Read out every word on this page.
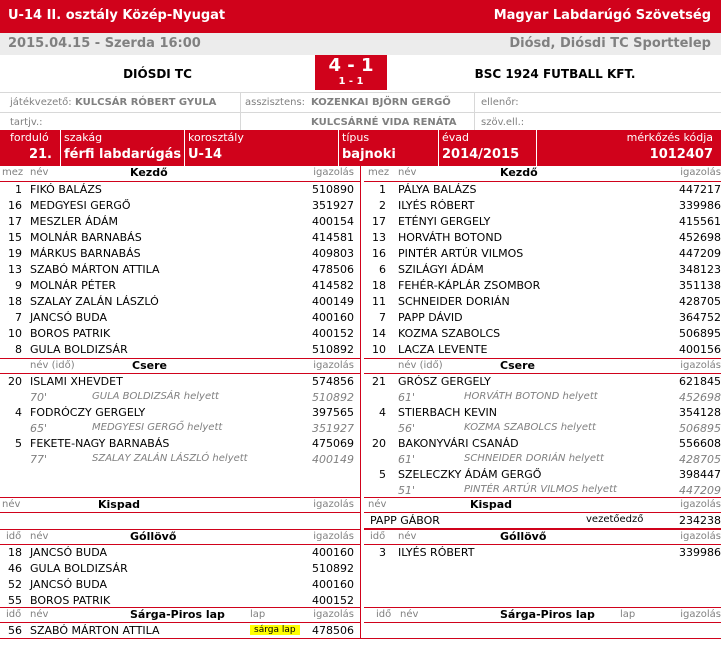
U-14 II. osztály Közép-Nyugat	Magyar Labdarúgó Szövetség
2015.04.15 - Szerda 16:00	Diósd, Diósdi TC Sporttelep
DIÓSDI TC	4 - 1
1 - 1
BSC 1924 FUTBALL KFT.
játékvezető: KULCSÁR RÓBERT GYULA	asszisztens: KOZENKAI BJÖRN GERGŐ	ellenőr:
tartjv.:	KULCSÁRNÉ VIDA RENÁTA szöv.ell.:
forduló
21.
szakág
férfi labdarúgás
korosztály
U-14
típus
bajnoki
évad
2014/2015
mérkőzés kódja
1012407
mez név	Kezdő	igazolás
1 FIKÓ BALÁZS	510890
16 MEDGYESI GERGŐ	351927
17 MESZLER ÁDÁM	400154
15 MOLNÁR BARNABÁS	414581
19 MÁRKUS BARNABÁS	409803
13 SZABÓ MÁRTON ATTILA	478506
9 MOLNÁR PÉTER	414582
18 SZALAY ZALÁN LÁSZLÓ	400149
7 JANCSÓ BUDA	400160
10 BOROS PATRIK	400152
8 GULA BOLDIZSÁR	510892
név (idő)	Csere	igazolás
20 ISLAMI XHEVDET	574856
70'	GULA BOLDIZSÁR helyett	510892
4 FODRÓCZY GERGELY	397565
65'	MEDGYESI GERGŐ helyett	351927
5 FEKETE-NAGY BARNABÁS	475069
77'	SZALAY ZALÁN LÁSZLÓ helyett	400149
mez név	Kezdő	igazolás
1 PÁLYA BALÁZS	447217
2 ILYÉS RÓBERT	339986
17 ETÉNYI GERGELY	415561
13 HORVÁTH BOTOND	452698
16 PINTÉR ARTÚR VILMOS	447209
6 SZILÁGYI ÁDÁM	348123
18 FEHÉR-KÁPLÁR ZSOMBOR	351138
11 SCHNEIDER DORIÁN	428705
7 PAPP DÁVID	364752
14 KOZMA SZABOLCS	506895
10 LACZA LEVENTE	400156
név (idő)	Csere	igazolás
21 GRÓSZ GERGELY	621845
61'	HORVÁTH BOTOND helyett	452698
4 STIERBACH KEVIN	354128
56'	KOZMA SZABOLCS helyett	506895
20 BAKONYVÁRI CSANÁD	556608
61'	SCHNEIDER DORIÁN helyett	428705
5 SZELECZKY ÁDÁM GERGŐ	398447
51'	PINTÉR ARTÚR VILMOS helyett	447209
név	Kispad	igazolás név	Kispad	igazolás
PAPP GÁBOR	vezetőedző	234238
idő név	Góllövő	igazolás
18 JANCSÓ BUDA	400160
46 GULA BOLDIZSÁR	510892
52 JANCSÓ BUDA	400160
55 BOROS PATRIK	400152
idő név	Góllövő	igazolás
3 ILYÉS RÓBERT	339986
idő név	Sárga-Piros lap	lap	igazolás
56 SZABÓ MÁRTON ATTILA	sárga lap	478506
idő név	Sárga-Piros lap	lap	igazolás
